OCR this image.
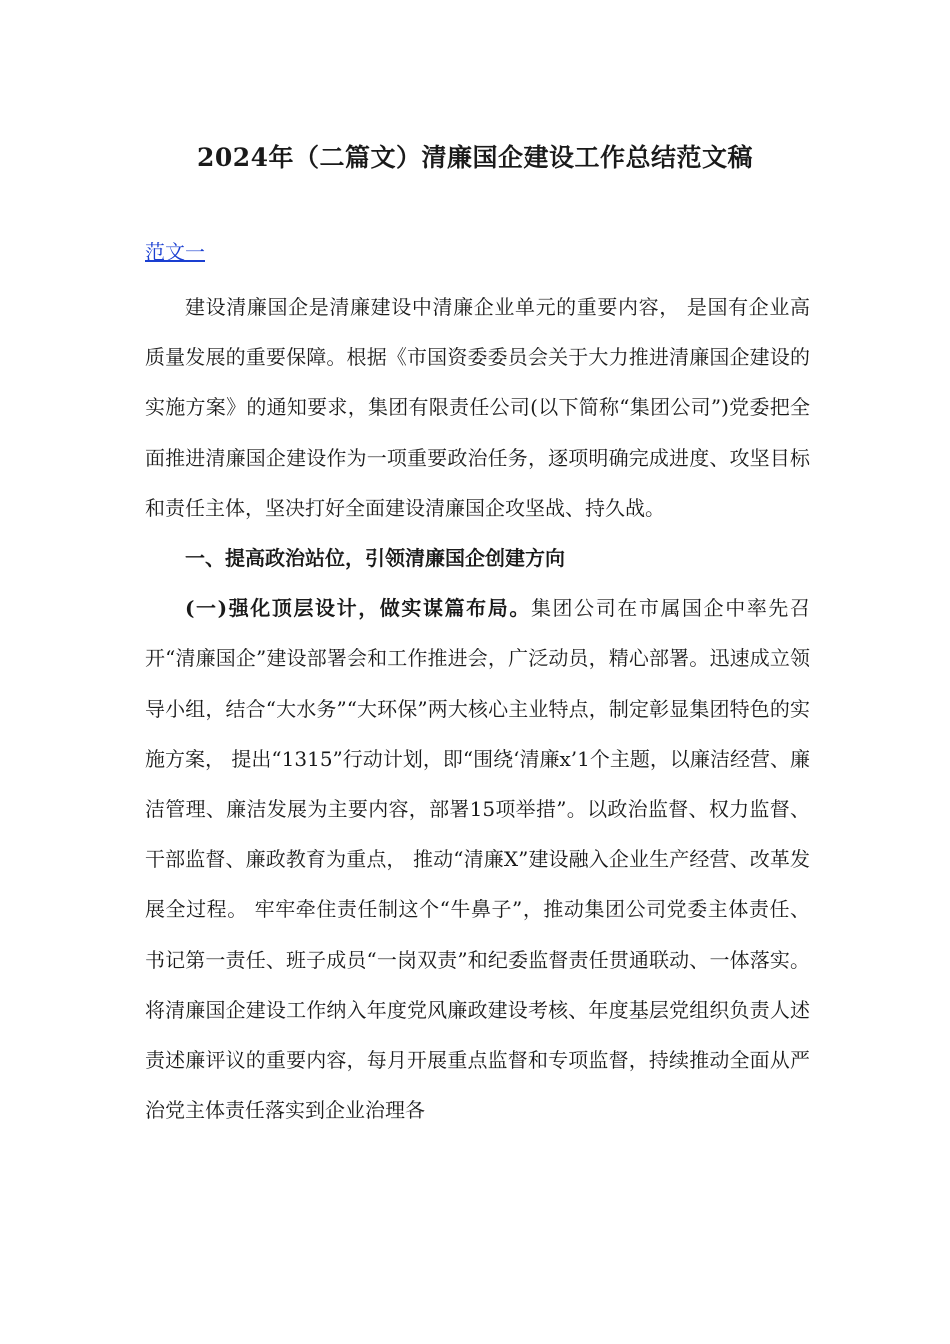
2024年（二篇文）清廉国企建设工作总结范文稿
范文一

建设清廉国企是清廉建设中清廉企业单元的重要内容， 是国有企业高质量发展的重要保障。根据《市国资委委员会关于大力推进清廉国企建设的实施方案》的通知要求，集团有限责任公司(以下简称“集团公司”)党委把全面推进清廉国企建设作为一项重要政治任务，逐项明确完成进度、攻坚目标和责任主体，坚决打好全面建设清廉国企攻坚战、持久战。

一、提高政治站位，引领清廉国企创建方向

(一)强化顶层设计，做实谋篇布局。集团公司在市属国企中率先召开“清廉国企”建设部署会和工作推进会，广泛动员，精心部署。迅速成立领导小组，结合“大水务”“大环保”两大核心主业特点，制定彰显集团特色的实施方案， 提出“1315”行动计划，即“围绕‘清廉x’1个主题，以廉洁经营、廉洁管理、廉洁发展为主要内容，部署15项举措”。以政治监督、权力监督、干部监督、廉政教育为重点， 推动“清廉X”建设融入企业生产经营、改革发展全过程。 牢牢牵住责任制这个“牛鼻子”，推动集团公司党委主体责任、书记第一责任、班子成员“一岗双责”和纪委监督责任贯通联动、一体落实。将清廉国企建设工作纳入年度党风廉政建设考核、年度基层党组织负责人述责述廉评议的重要内容，每月开展重点监督和专项监督，持续推动全面从严治党主体责任落实到企业治理各
